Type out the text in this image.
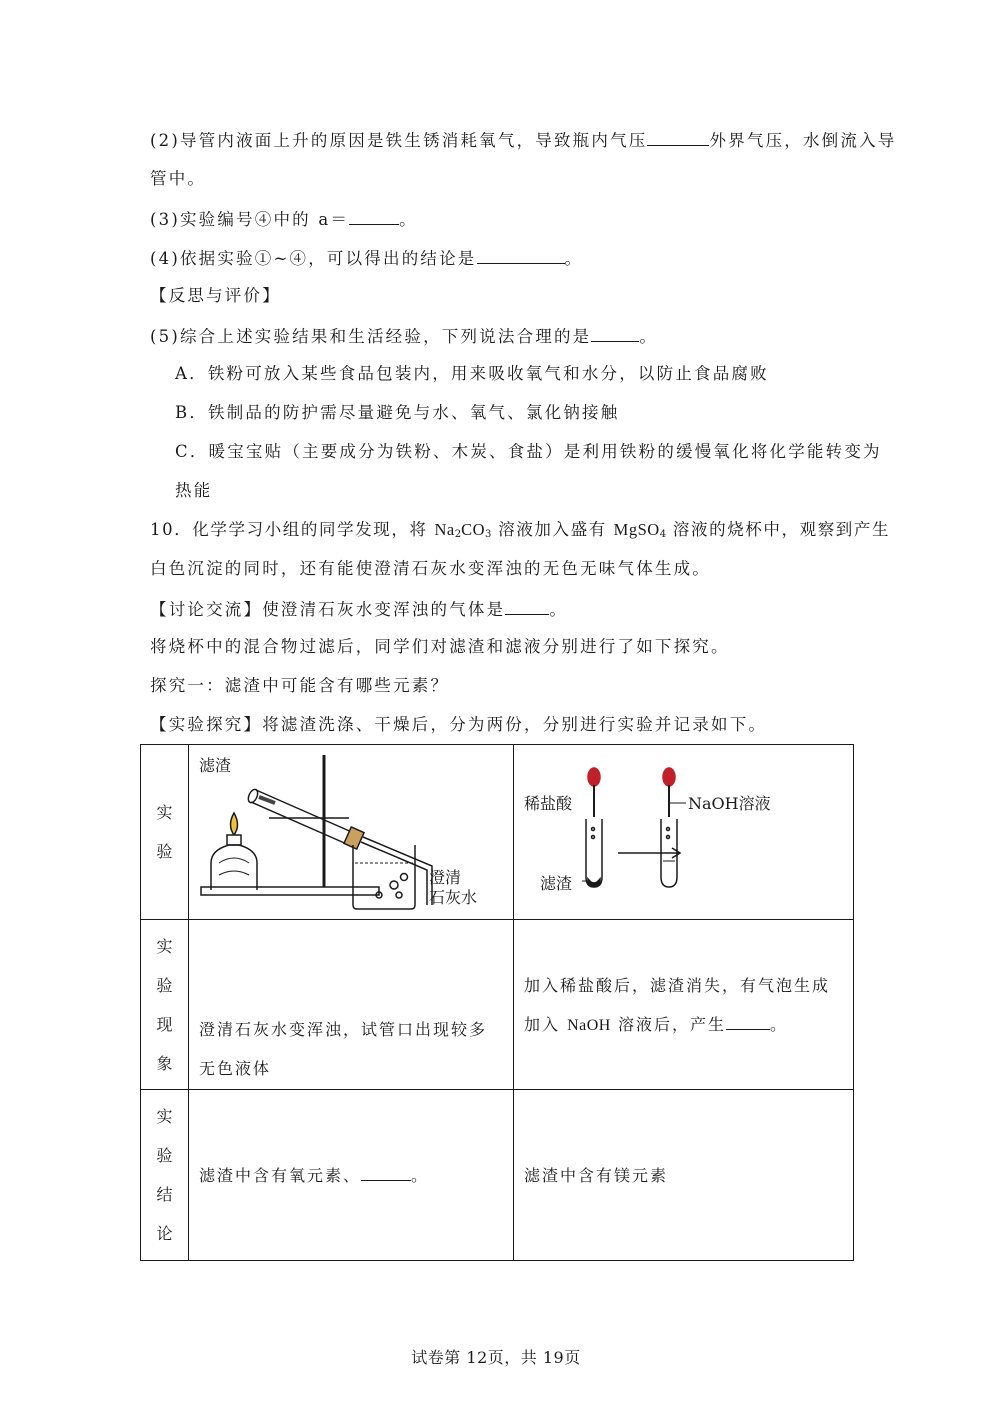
(2)导管内液面上升的原因是铁生锈消耗氧气，导致瓶内气压	外界气压，水倒流入导
管中。
(3)实验编号④中的 a＝	。
(4)依据实验①~④，可以得出的结论是	。
【反思与评价】
(5)综合上述实验结果和生活经验，下列说法合理的是	。
A．铁粉可放入某些食品包装内，用来吸收氧气和水分，以防止食品腐败
B．铁制品的防护需尽量避免与水、氧气、氯化钠接触
C．暖宝宝贴（主要成分为铁粉、木炭、食盐）是利用铁粉的缓慢氧化将化学能转变为
热能
10．化学学习小组的同学发现，将 $Na_2CO_3$ 溶液加入盛有 MgSO$_4$ 溶液的烧杯中，观察到产生
白色沉淀的同时，还有能使澄清石灰水变浑浊的无色无味气体生成。
【讨论交流】使澄清石灰水变浑浊的气体是	。
将烧杯中的混合物过滤后，同学们对滤渣和滤液分别进行了如下探究。
探究一：滤渣中可能含有哪些元素？
【实验探究】将滤渣洗涤、干燥后，分为两份，分别进行实验并记录如下。
实
验	滤渣
澄清
石灰水	稀盐酸 NaOH溶液
滤渣

实
验
现
象	澄清石灰水变浑浊，试管口出现较多无色液体	加入稀盐酸后，滤渣消失，有气泡生成加入 NaOH 溶液后，产生 。

实
验
结
论	滤渣中含有氧元素、 。	滤渣中含有镁元素
试卷第 12页，共 19页
